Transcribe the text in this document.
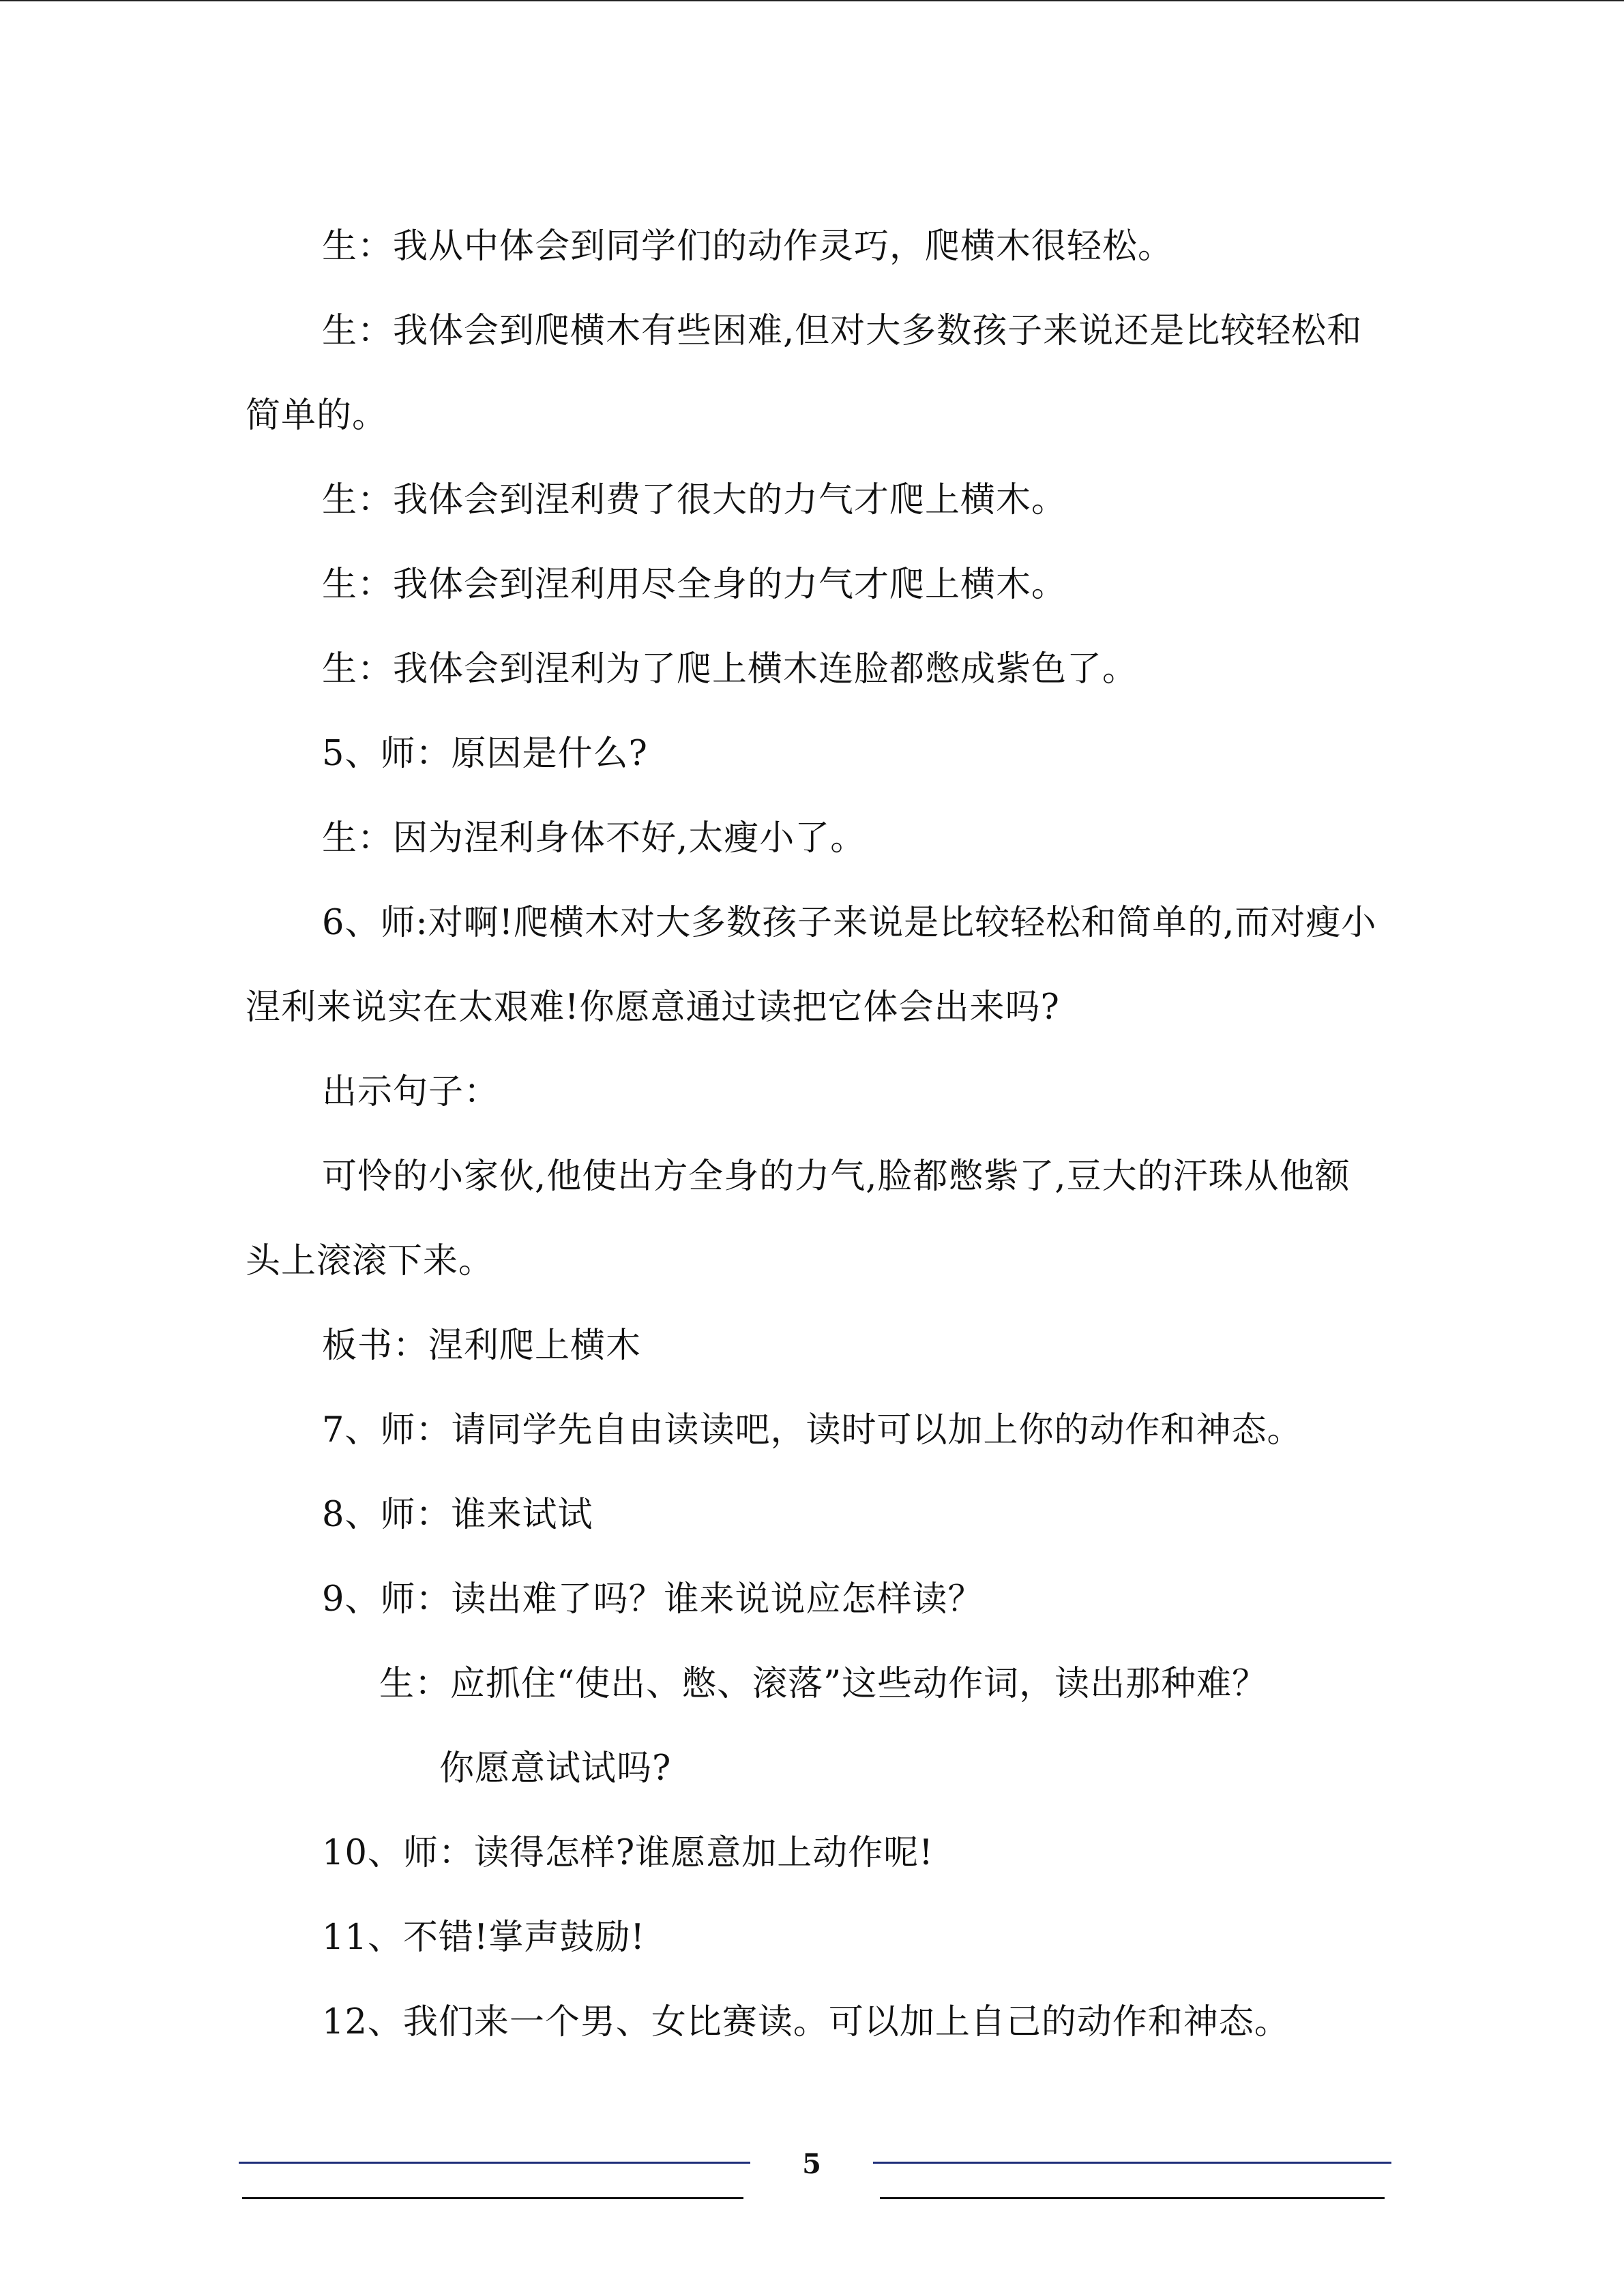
生：我从中体会到同学们的动作灵巧，爬横木很轻松。

生：我体会到爬横木有些困难,但对大多数孩子来说还是比较轻松和简单的。

生：我体会到涅利费了很大的力气才爬上横木。

生：我体会到涅利用尽全身的力气才爬上横木。

生：我体会到涅利为了爬上横木连脸都憋成紫色了。

5、师：原因是什么?

生：因为涅利身体不好,太瘦小了。

6、师:对啊!爬横木对大多数孩子来说是比较轻松和简单的,而对瘦小涅利来说实在太艰难!你愿意通过读把它体会出来吗?

出示句子：

可怜的小家伙,他使出方全身的力气,脸都憋紫了,豆大的汗珠从他额头上滚滚下来。

板书：涅利爬上横木

7、师：请同学先自由读读吧，读时可以加上你的动作和神态。

8、师：谁来试试

9、师：读出难了吗？谁来说说应怎样读？

生：应抓住“使出、憋、滚落”这些动作词，读出那种难？

你愿意试试吗?

10、师：读得怎样?谁愿意加上动作呢!

11、不错!掌声鼓励!

12、我们来一个男、女比赛读。可以加上自己的动作和神态。

5
